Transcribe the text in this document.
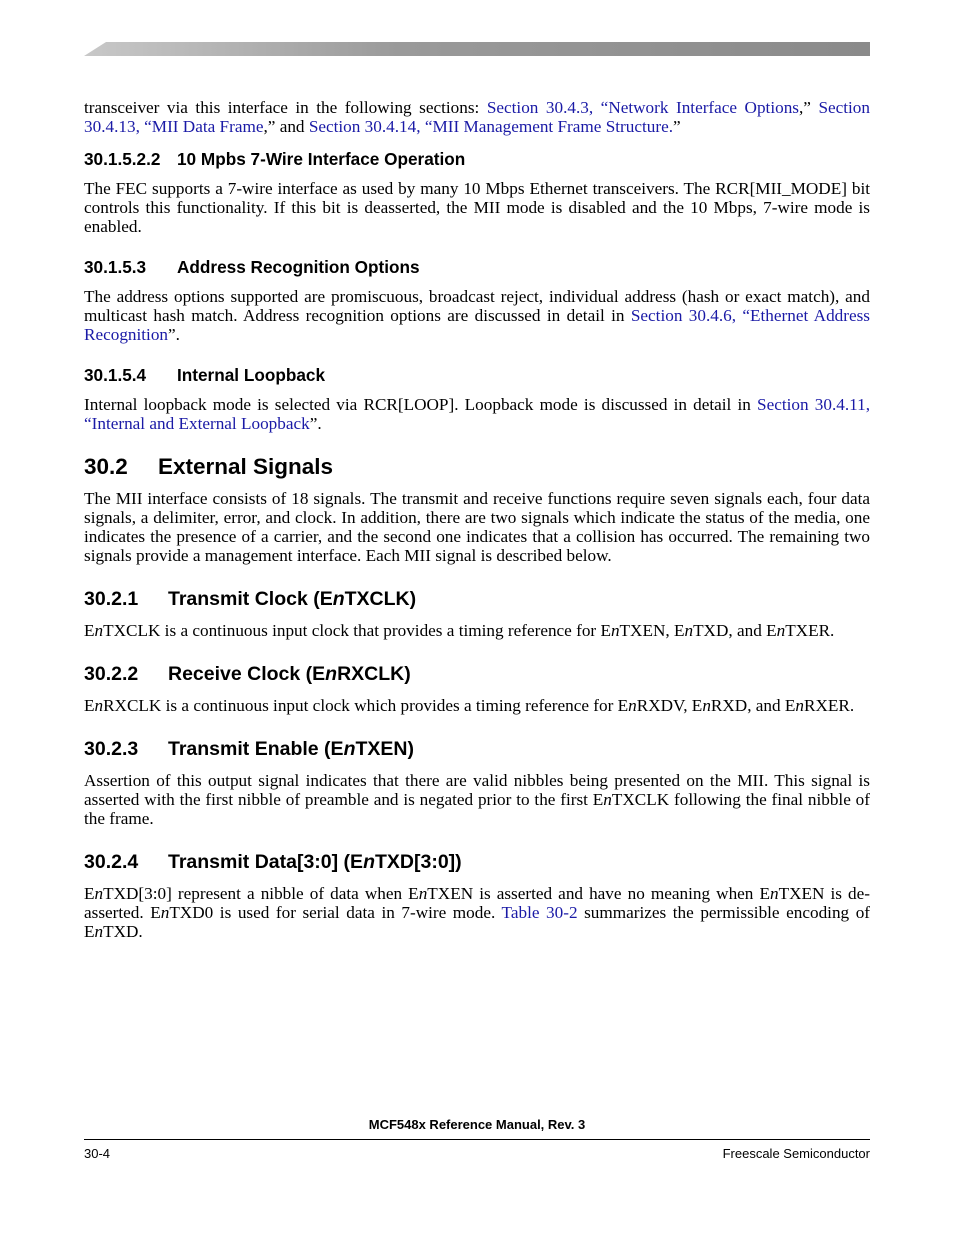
transceiver via this interface in the following sections: Section 30.4.3, “Network Interface Options,” Section 30.4.13, “MII Data Frame,” and Section 30.4.14, “MII Management Frame Structure.”

30.1.5.2.2 10 Mpbs 7-Wire Interface Operation

The FEC supports a 7-wire interface as used by many 10 Mbps Ethernet transceivers. The RCR[MII_MODE] bit controls this functionality. If this bit is deasserted, the MII mode is disabled and the 10 Mbps, 7-wire mode is enabled.

30.1.5.3 Address Recognition Options

The address options supported are promiscuous, broadcast reject, individual address (hash or exact match), and multicast hash match. Address recognition options are discussed in detail in Section 30.4.6, “Ethernet Address Recognition”.

30.1.5.4 Internal Loopback

Internal loopback mode is selected via RCR[LOOP]. Loopback mode is discussed in detail in Section 30.4.11, “Internal and External Loopback”.

30.2 External Signals

The MII interface consists of 18 signals. The transmit and receive functions require seven signals each, four data signals, a delimiter, error, and clock. In addition, there are two signals which indicate the status of the media, one indicates the presence of a carrier, and the second one indicates that a collision has occurred. The remaining two signals provide a management interface. Each MII signal is described below.

30.2.1 Transmit Clock (EnTXCLK)

EnTXCLK is a continuous input clock that provides a timing reference for EnTXEN, EnTXD, and EnTXER.

30.2.2 Receive Clock (EnRXCLK)

EnRXCLK is a continuous input clock which provides a timing reference for EnRXDV, EnRXD, and EnRXER.

30.2.3 Transmit Enable (EnTXEN)

Assertion of this output signal indicates that there are valid nibbles being presented on the MII. This signal is asserted with the first nibble of preamble and is negated prior to the first EnTXCLK following the final nibble of the frame.

30.2.4 Transmit Data[3:0] (EnTXD[3:0])

EnTXD[3:0] represent a nibble of data when EnTXEN is asserted and have no meaning when EnTXEN is de-asserted. EnTXD0 is used for serial data in 7-wire mode. Table 30-2 summarizes the permissible encoding of EnTXD.

MCF548x Reference Manual, Rev. 3
30-4	Freescale Semiconductor
